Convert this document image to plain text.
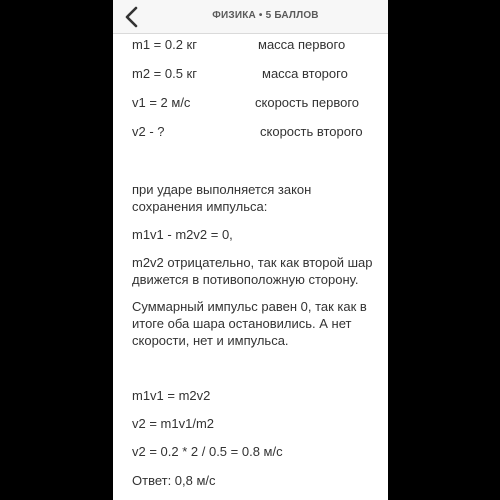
ФИЗИКА • 5 БАЛЛОВ
m1 = 0.2 кг	масса первого
m2 = 0.5 кг	масса второго
v1 = 2 м/с	скорость первого
v2 - ?	скорость второго
при ударе выполняется закон сохранения импульса:
m1v1 - m2v2 = 0,
m2v2 отрицательно, так как второй шар движется в потивоположную сторону.
Суммарный импульс равен 0, так как в итоге оба шара остановились. А нет скорости, нет и импульса.
m1v1 = m2v2
v2 = m1v1/m2
v2 = 0.2 * 2 / 0.5 = 0.8 м/с
Ответ: 0,8 м/с
